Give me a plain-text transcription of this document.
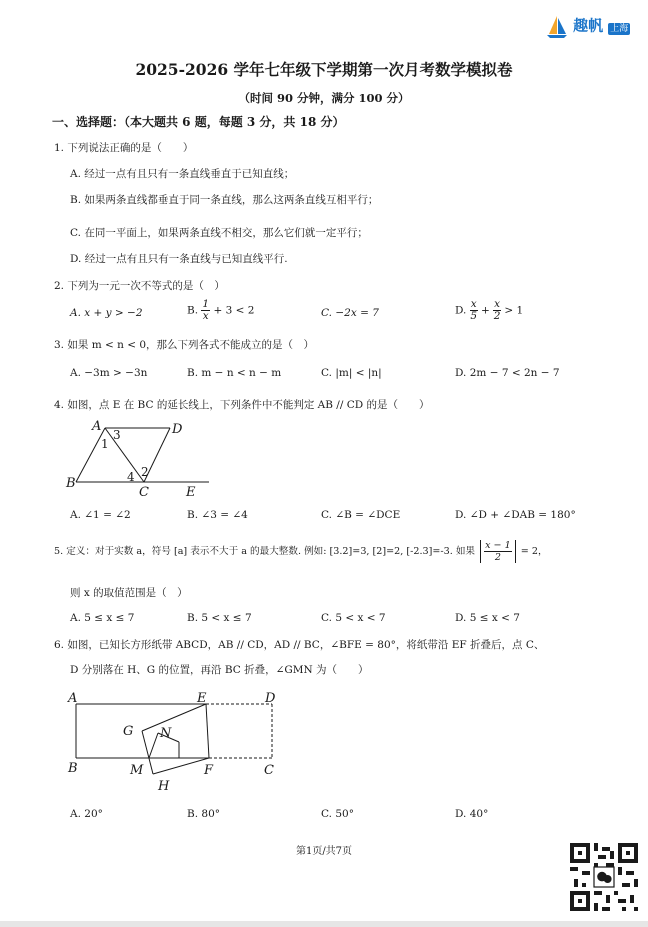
趣帆 上海
2025-2026 学年七年级下学期第一次月考数学模拟卷
（时间 90 分钟，满分 100 分）
一、选择题：（本大题共 6 题，每题 3 分，共 18 分）
1. 下列说法正确的是（　　）
A. 经过一点有且只有一条直线垂直于已知直线；
B. 如果两条直线都垂直于同一条直线，那么这两条直线互相平行；
C. 在同一平面上，如果两条直线不相交，那么它们就一定平行；
D. 经过一点有且只有一条直线与已知直线平行.
2. 下列为一元一次不等式的是（　）
A. x + y > −2	B. $\frac{1}{x} + 3 < 2$	C. −2x = 7	D. $\frac{x}{5} + \frac{x}{2} > 1$
3. 如果 m < n < 0，那么下列各式不能成立的是（　）
A. −3m > −3n	B. m − n < n − m	C. |m| < |n|	D. 2m − 7 < 2n − 7
4. 如图，点 E 在 BC 的延长线上，下列条件中不能判定 AB // CD 的是（　　）
A	D
B
C	E
1
3
2
4
A. ∠1 = ∠2	B. ∠3 = ∠4	C. ∠B = ∠DCE	D. ∠D + ∠DAB = 180°
5. 定义：对于实数 a，符号 [a] 表示不大于 a 的最大整数. 例如: [3.2]=3, [2]=2, [-2.3]=-3. 如果 $\frac{x - 1}{2} = 2$，
则 x 的取值范围是（　）
A. 5 ≤ x ≤ 7	B. 5 < x ≤ 7	C. 5 < x < 7	D. 5 ≤ x < 7
6. 如图，已知长方形纸带 ABCD，AB // CD，AD // BC，∠BFE = 80°，将纸带沿 EF 折叠后，点 C、
D 分别落在 H、G 的位置，再沿 BC 折叠，∠GMN 为（　　）
A	E	D
G N
B	M	F	C
H
A. 20°	B. 80°	C. 50°	D. 40°
第1页/共7页
